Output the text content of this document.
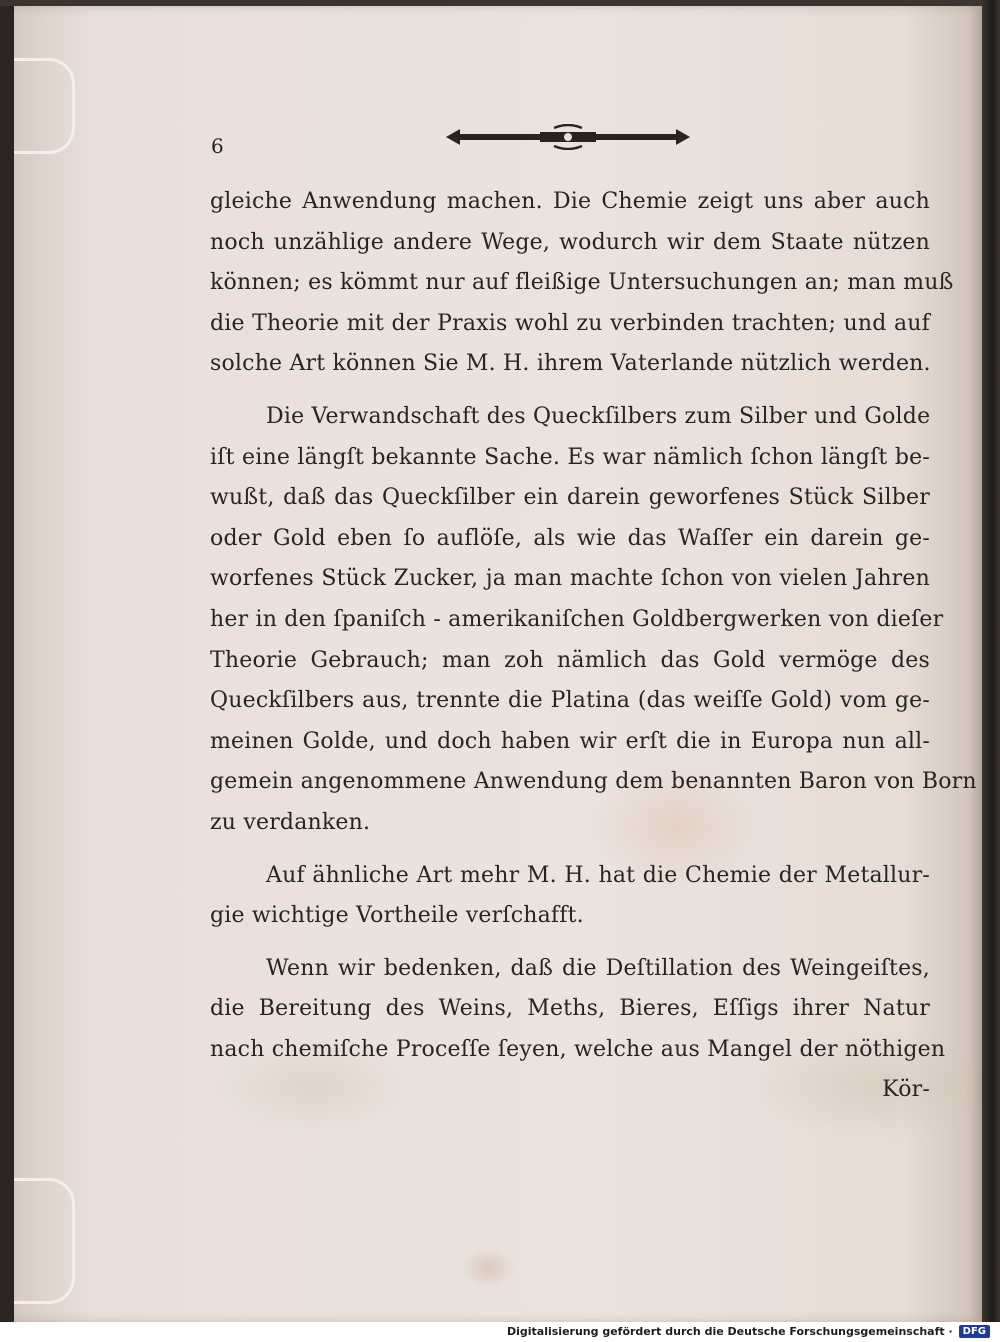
6
gleiche Anwendung machen. Die Chemie zeigt uns aber auch
noch unzählige andere Wege, wodurch wir dem Staate nützen
können; es kömmt nur auf fleißige Untersuchungen an; man muß
die Theorie mit der Praxis wohl zu verbinden trachten; und auf
solche Art können Sie M. H. ihrem Vaterlande nützlich werden.
Die Verwandschaft des Queckſilbers zum Silber und Golde
iſt eine längſt bekannte Sache. Es war nämlich ſchon längſt be-
wußt, daß das Queckſilber ein darein geworfenes Stück Silber
oder Gold eben ſo auflöſe, als wie das Waſſer ein darein ge-
worfenes Stück Zucker, ja man machte ſchon von vielen Jahren
her in den ſpaniſch - amerikaniſchen Goldbergwerken von dieſer
Theorie Gebrauch; man zoh nämlich das Gold vermöge des
Queckſilbers aus, trennte die Platina (das weiſſe Gold) vom ge-
meinen Golde, und doch haben wir erſt die in Europa nun all-
gemein angenommene Anwendung dem benannten Baron von Born
zu verdanken.
Auf ähnliche Art mehr M. H. hat die Chemie der Metallur-
gie wichtige Vortheile verſchafft.
Wenn wir bedenken, daß die Deſtillation des Weingeiſtes,
die Bereitung des Weins, Meths, Bieres, Eſſigs ihrer Natur
nach chemiſche Proceſſe ſeyen, welche aus Mangel der nöthigen
Kör-
Digitalisierung gefördert durch die Deutsche Forschungsgemeinschaft ·	DFG
